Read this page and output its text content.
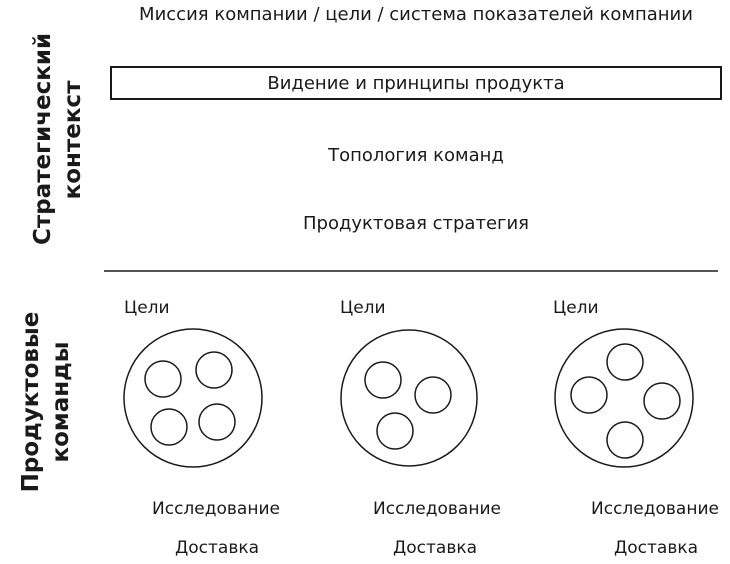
Стратегический контекст
Продуктовые команды
Миссия компании / цели / система показателей компании
Видение и принципы продукта
Топология команд
Продуктовая стратегия
Цели	Цели	Цели
Исследование	Исследование	Исследование
Доставка	Доставка	Доставка
